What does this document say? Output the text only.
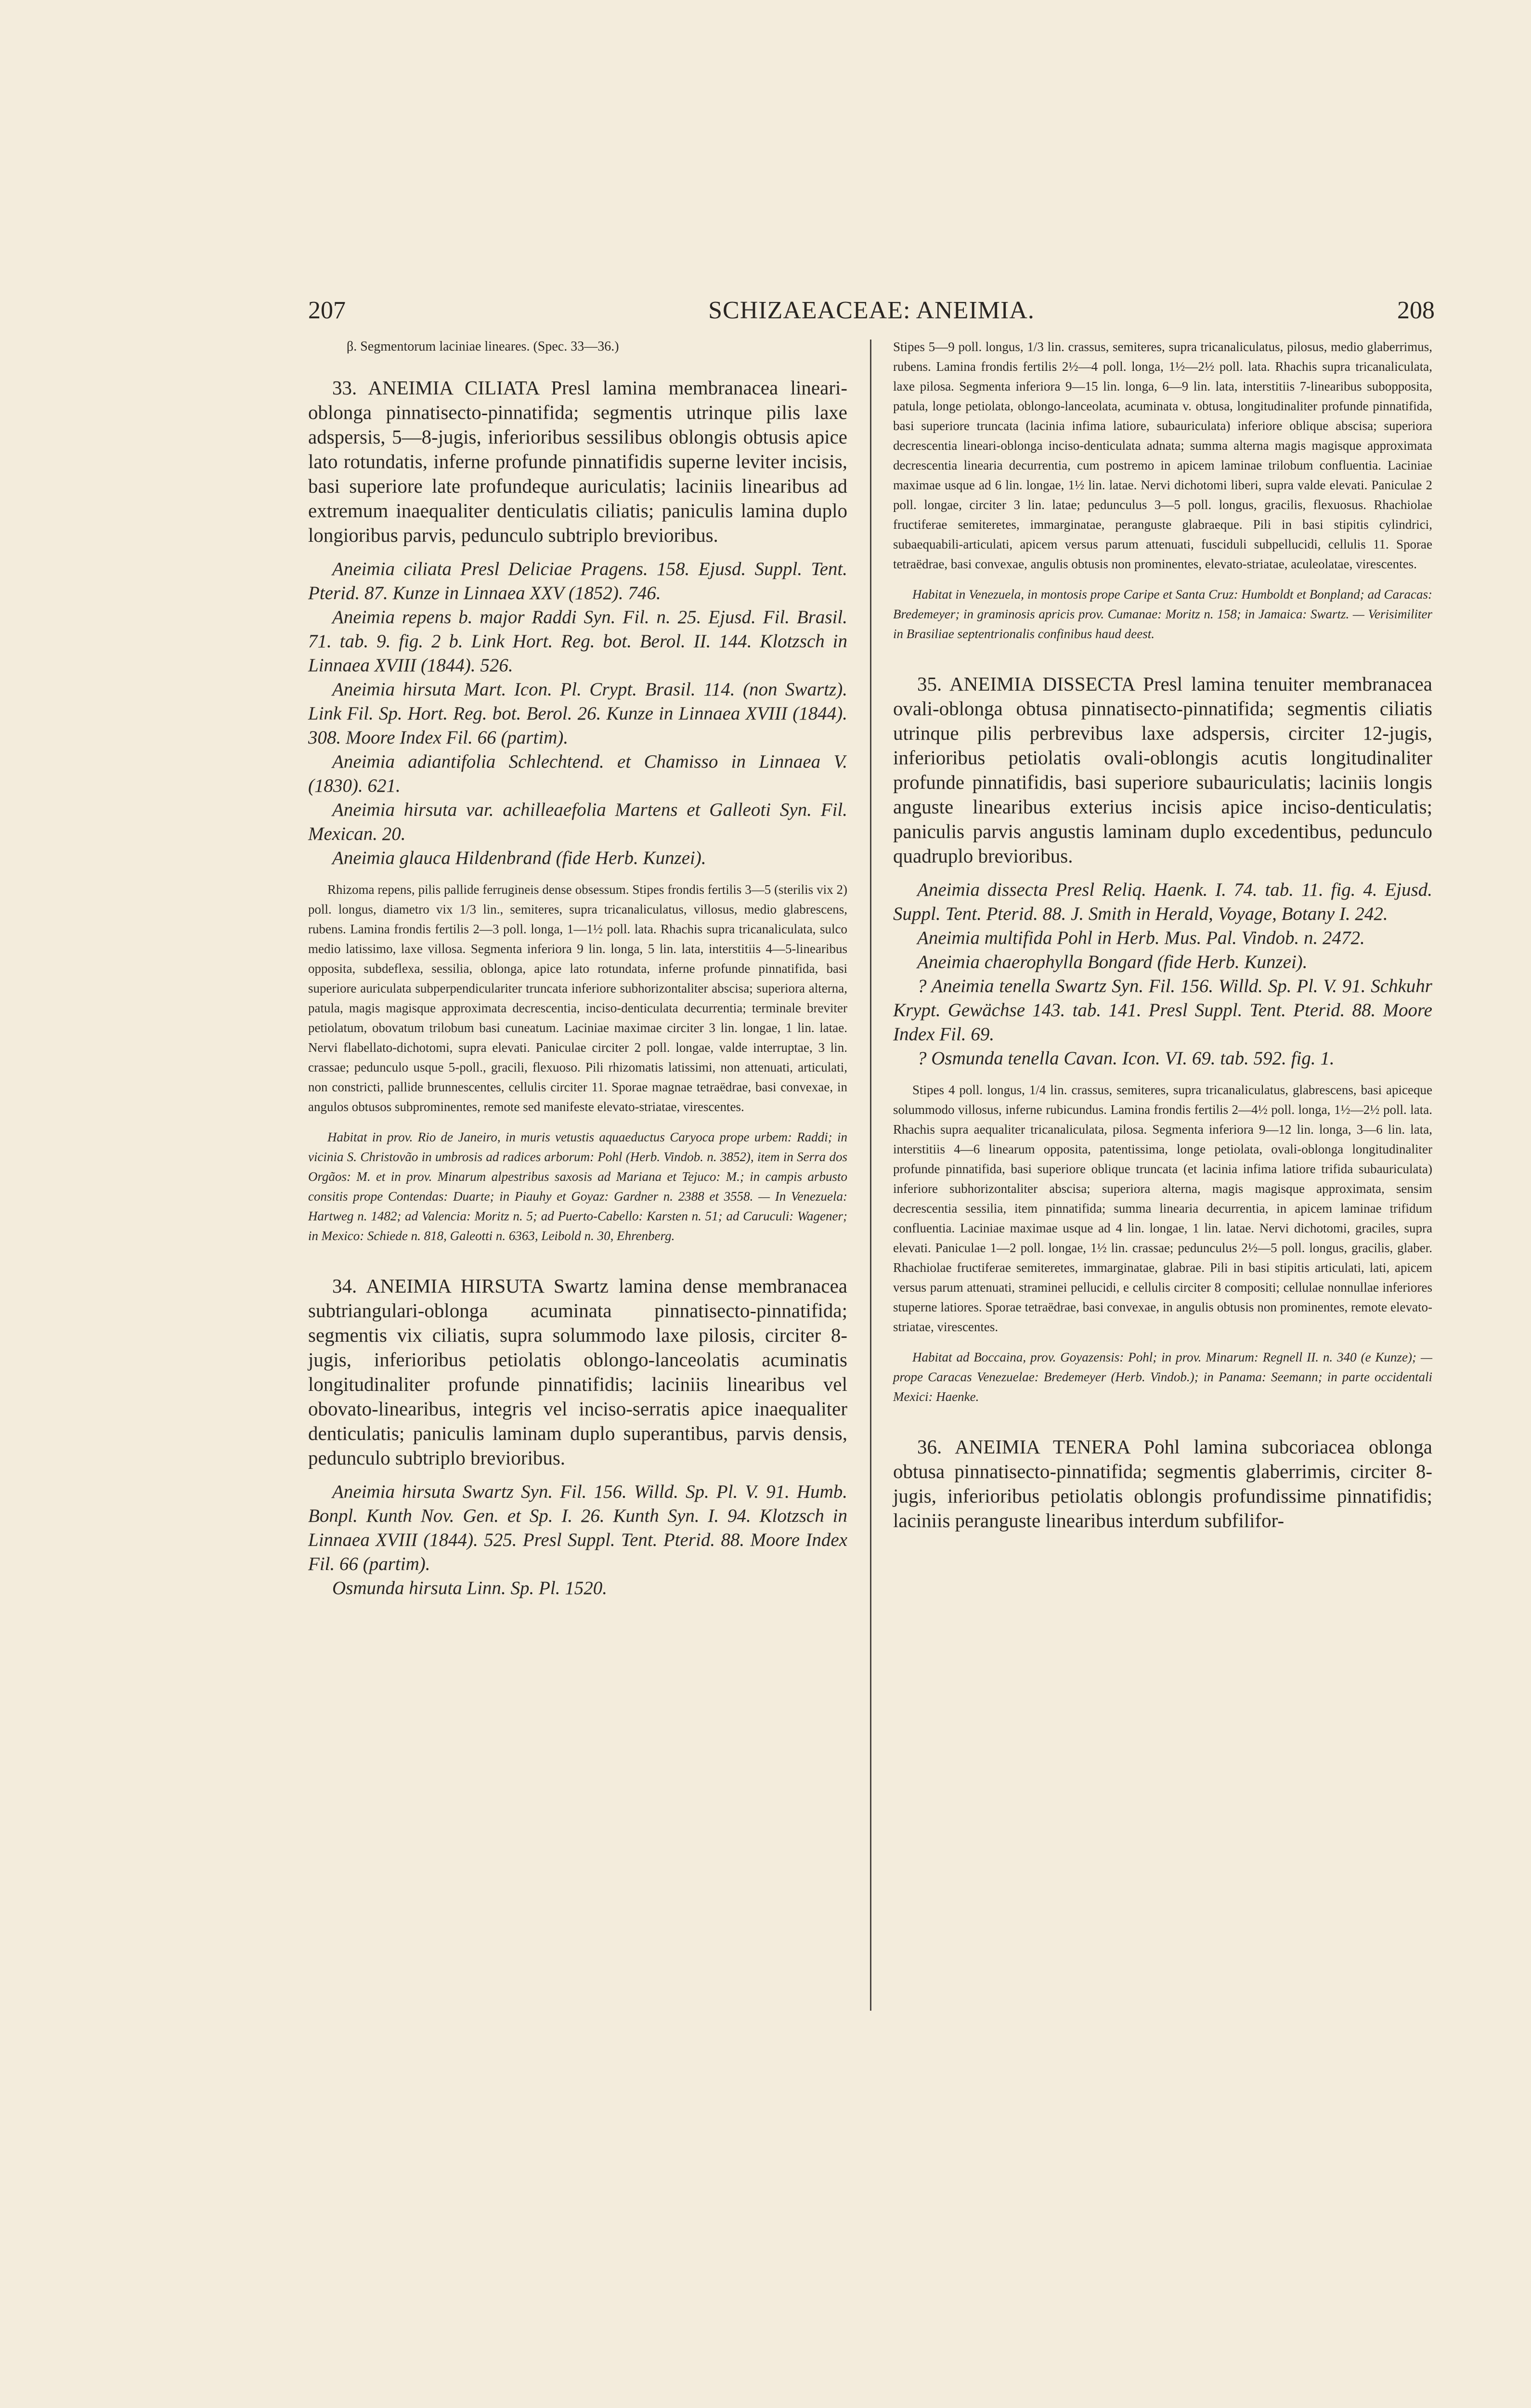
207	SCHIZAEACEAE: ANEIMIA.	208
β. Segmentorum laciniae lineares. (Spec. 33—36.)
33. ANEIMIA CILIATA Presl lamina membranacea lineari-oblonga pinnatisecto-pinnatifida; segmentis utrinque pilis laxe adspersis, 5—8-jugis, inferioribus sessilibus oblongis obtusis apice lato rotundatis, inferne profunde pinnatifidis superne leviter incisis, basi superiore late profundeque auriculatis; laciniis linearibus ad extremum inaequaliter denticulatis ciliatis; paniculis lamina duplo longioribus parvis, pedunculo subtriplo brevioribus.

Aneimia ciliata Presl Deliciae Pragens. 158. Ejusd. Suppl. Tent. Pterid. 87. Kunze in Linnaea XXV (1852). 746.

Aneimia repens b. major Raddi Syn. Fil. n. 25. Ejusd. Fil. Brasil. 71. tab. 9. fig. 2 b. Link Hort. Reg. bot. Berol. II. 144. Klotzsch in Linnaea XVIII (1844). 526.

Aneimia hirsuta Mart. Icon. Pl. Crypt. Brasil. 114. (non Swartz). Link Fil. Sp. Hort. Reg. bot. Berol. 26. Kunze in Linnaea XVIII (1844). 308. Moore Index Fil. 66 (partim).

Aneimia adiantifolia Schlechtend. et Chamisso in Linnaea V. (1830). 621.

Aneimia hirsuta var. achilleaefolia Martens et Galleoti Syn. Fil. Mexican. 20.

Aneimia glauca Hildenbrand (fide Herb. Kunzei).

Rhizoma repens, pilis pallide ferrugineis dense obsessum. Stipes frondis fertilis 3—5 (sterilis vix 2) poll. longus, diametro vix 1/3 lin., semiteres, supra tricanaliculatus, villosus, medio glabrescens, rubens. Lamina frondis fertilis 2—3 poll. longa, 1—1½ poll. lata. Rhachis supra tricanaliculata, sulco medio latissimo, laxe villosa. Segmenta inferiora 9 lin. longa, 5 lin. lata, interstitiis 4—5-linearibus opposita, subdeflexa, sessilia, oblonga, apice lato rotundata, inferne profunde pinnatifida, basi superiore auriculata subperpendiculariter truncata inferiore subhorizontaliter abscisa; superiora alterna, patula, magis magisque approximata decrescentia, inciso-denticulata decurrentia; terminale breviter petiolatum, obovatum trilobum basi cuneatum. Laciniae maximae circiter 3 lin. longae, 1 lin. latae. Nervi flabellato-dichotomi, supra elevati. Paniculae circiter 2 poll. longae, valde interruptae, 3 lin. crassae; pedunculo usque 5-poll., gracili, flexuoso. Pili rhizomatis latissimi, non attenuati, articulati, non constricti, pallide brunnescentes, cellulis circiter 11. Sporae magnae tetraëdrae, basi convexae, in angulos obtusos subprominentes, remote sed manifeste elevato-striatae, virescentes.
Habitat in prov. Rio de Janeiro, in muris vetustis aquaeductus Caryoca prope urbem: Raddi; in vicinia S. Christovão in umbrosis ad radices arborum: Pohl (Herb. Vindob. n. 3852), item in Serra dos Orgãos: M. et in prov. Minarum alpestribus saxosis ad Mariana et Tejuco: M.; in campis arbusto consitis prope Contendas: Duarte; in Piauhy et Goyaz: Gardner n. 2388 et 3558. — In Venezuela: Hartweg n. 1482; ad Valencia: Moritz n. 5; ad Puerto-Cabello: Karsten n. 51; ad Caruculi: Wagener; in Mexico: Schiede n. 818, Galeotti n. 6363, Leibold n. 30, Ehrenberg.
34. ANEIMIA HIRSUTA Swartz lamina dense membranacea subtriangulari-oblonga acuminata pinnatisecto-pinnatifida; segmentis vix ciliatis, supra solummodo laxe pilosis, circiter 8-jugis, inferioribus petiolatis oblongo-lanceolatis acuminatis longitudinaliter profunde pinnatifidis; laciniis linearibus vel obovato-linearibus, integris vel inciso-serratis apice inaequaliter denticulatis; paniculis laminam duplo superantibus, parvis densis, pedunculo subtriplo brevioribus.

Aneimia hirsuta Swartz Syn. Fil. 156. Willd. Sp. Pl. V. 91. Humb. Bonpl. Kunth Nov. Gen. et Sp. I. 26. Kunth Syn. I. 94. Klotzsch in Linnaea XVIII (1844). 525. Presl Suppl. Tent. Pterid. 88. Moore Index Fil. 66 (partim).

Osmunda hirsuta Linn. Sp. Pl. 1520.

Stipes 5—9 poll. longus, 1/3 lin. crassus, semiteres, supra tricanaliculatus, pilosus, medio glaberrimus, rubens. Lamina frondis fertilis 2½—4 poll. longa, 1½—2½ poll. lata. Rhachis supra tricanaliculata, laxe pilosa. Segmenta inferiora 9—15 lin. longa, 6—9 lin. lata, interstitiis 7-linearibus subopposita, patula, longe petiolata, oblongo-lanceolata, acuminata v. obtusa, longitudinaliter profunde pinnatifida, basi superiore truncata (lacinia infima latiore, subauriculata) inferiore oblique abscisa; superiora decrescentia lineari-oblonga inciso-denticulata adnata; summa alterna magis magisque approximata decrescentia linearia decurrentia, cum postremo in apicem laminae trilobum confluentia. Laciniae maximae usque ad 6 lin. longae, 1½ lin. latae. Nervi dichotomi liberi, supra valde elevati. Paniculae 2 poll. longae, circiter 3 lin. latae; pedunculus 3—5 poll. longus, gracilis, flexuosus. Rhachiolae fructiferae semiteretes, immarginatae, peranguste glabraeque. Pili in basi stipitis cylindrici, subaequabili-articulati, apicem versus parum attenuati, fusciduli subpellucidi, cellulis 11. Sporae tetraëdrae, basi convexae, angulis obtusis non prominentes, elevato-striatae, aculeolatae, virescentes.
Habitat in Venezuela, in montosis prope Caripe et Santa Cruz: Humboldt et Bonpland; ad Caracas: Bredemeyer; in graminosis apricis prov. Cumanae: Moritz n. 158; in Jamaica: Swartz. — Verisimiliter in Brasiliae septentrionalis confinibus haud deest.
35. ANEIMIA DISSECTA Presl lamina tenuiter membranacea ovali-oblonga obtusa pinnatisecto-pinnatifida; segmentis ciliatis utrinque pilis perbrevibus laxe adspersis, circiter 12-jugis, inferioribus petiolatis ovali-oblongis acutis longitudinaliter profunde pinnatifidis, basi superiore subauriculatis; laciniis longis anguste linearibus exterius incisis apice inciso-denticulatis; paniculis parvis angustis laminam duplo excedentibus, pedunculo quadruplo brevioribus.

Aneimia dissecta Presl Reliq. Haenk. I. 74. tab. 11. fig. 4. Ejusd. Suppl. Tent. Pterid. 88. J. Smith in Herald, Voyage, Botany I. 242.

Aneimia multifida Pohl in Herb. Mus. Pal. Vindob. n. 2472.

Aneimia chaerophylla Bongard (fide Herb. Kunzei).

? Aneimia tenella Swartz Syn. Fil. 156. Willd. Sp. Pl. V. 91. Schkuhr Krypt. Gewächse 143. tab. 141. Presl Suppl. Tent. Pterid. 88. Moore Index Fil. 69.

? Osmunda tenella Cavan. Icon. VI. 69. tab. 592. fig. 1.

Stipes 4 poll. longus, 1/4 lin. crassus, semiteres, supra tricanaliculatus, glabrescens, basi apiceque solummodo villosus, inferne rubicundus. Lamina frondis fertilis 2—4½ poll. longa, 1½—2½ poll. lata. Rhachis supra aequaliter tricanaliculata, pilosa. Segmenta inferiora 9—12 lin. longa, 3—6 lin. lata, interstitiis 4—6 linearum opposita, patentissima, longe petiolata, ovali-oblonga longitudinaliter profunde pinnatifida, basi superiore oblique truncata (et lacinia infima latiore trifida subauriculata) inferiore subhorizontaliter abscisa; superiora alterna, magis magisque approximata, sensim decrescentia sessilia, item pinnatifida; summa linearia decurrentia, in apicem laminae trifidum confluentia. Laciniae maximae usque ad 4 lin. longae, 1 lin. latae. Nervi dichotomi, graciles, supra elevati. Paniculae 1—2 poll. longae, 1½ lin. crassae; pedunculus 2½—5 poll. longus, gracilis, glaber. Rhachiolae fructiferae semiteretes, immarginatae, glabrae. Pili in basi stipitis articulati, lati, apicem versus parum attenuati, stramineі pellucidi, e cellulis circiter 8 compositi; cellulae nonnullae inferiores stuperne latiores. Sporae tetraëdrae, basi convexae, in angulis obtusis non prominentes, remote elevato-striatae, virescentes.
Habitat ad Boccaina, prov. Goyazensis: Pohl; in prov. Minarum: Regnell II. n. 340 (e Kunze); — prope Caracas Venezuelae: Bredemeyer (Herb. Vindob.); in Panama: Seemann; in parte occidentali Mexici: Haenke.
36. ANEIMIA TENERA Pohl lamina subcoriacea oblonga obtusa pinnatisecto-pinnatifida; segmentis glaberrimis, circiter 8-jugis, inferioribus petiolatis oblongis profundissime pinnatifidis; laciniis peranguste linearibus interdum subfilifor-
